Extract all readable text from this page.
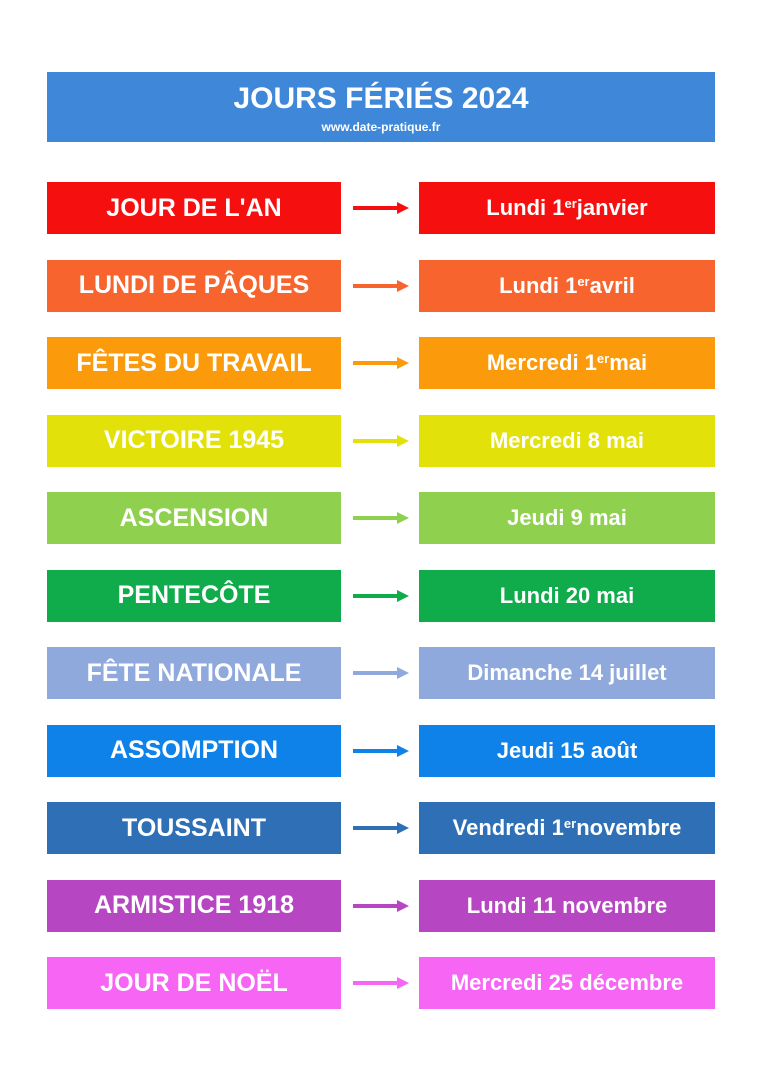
JOURS FÉRIÉS 2024
www.date-pratique.fr
JOUR DE L'AN	Lundi 1er janvier
LUNDI DE PÂQUES	Lundi 1er avril
FÊTES DU TRAVAIL	Mercredi 1er mai
VICTOIRE 1945	Mercredi 8 mai
ASCENSION	Jeudi 9 mai
PENTECÔTE	Lundi 20 mai
FÊTE NATIONALE	Dimanche 14 juillet
ASSOMPTION	Jeudi 15 août
TOUSSAINT	Vendredi 1er novembre
ARMISTICE 1918	Lundi 11 novembre
JOUR DE NOËL	Mercredi 25 décembre
